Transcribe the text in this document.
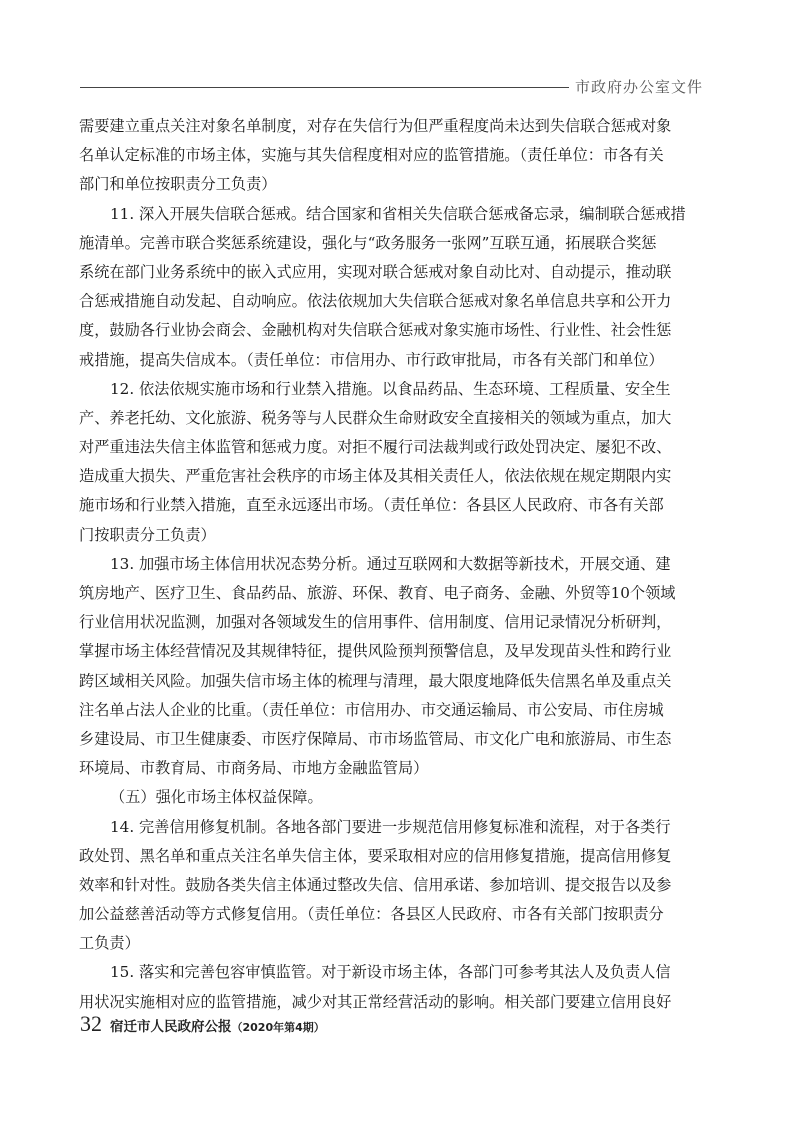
市政府办公室文件
需要建立重点关注对象名单制度，对存在失信行为但严重程度尚未达到失信联合惩戒对象
名单认定标准的市场主体，实施与其失信程度相对应的监管措施。（责任单位：市各有关
部门和单位按职责分工负责）
11. 深入开展失信联合惩戒。结合国家和省相关失信联合惩戒备忘录，编制联合惩戒措
施清单。完善市联合奖惩系统建设，强化与“政务服务一张网”互联互通，拓展联合奖惩
系统在部门业务系统中的嵌入式应用，实现对联合惩戒对象自动比对、自动提示，推动联
合惩戒措施自动发起、自动响应。依法依规加大失信联合惩戒对象名单信息共享和公开力
度，鼓励各行业协会商会、金融机构对失信联合惩戒对象实施市场性、行业性、社会性惩
戒措施，提高失信成本。（责任单位：市信用办、市行政审批局，市各有关部门和单位）
12. 依法依规实施市场和行业禁入措施。以食品药品、生态环境、工程质量、安全生
产、养老托幼、文化旅游、税务等与人民群众生命财政安全直接相关的领域为重点，加大
对严重违法失信主体监管和惩戒力度。对拒不履行司法裁判或行政处罚决定、屡犯不改、
造成重大损失、严重危害社会秩序的市场主体及其相关责任人，依法依规在规定期限内实
施市场和行业禁入措施，直至永远逐出市场。（责任单位：各县区人民政府、市各有关部
门按职责分工负责）
13. 加强市场主体信用状况态势分析。通过互联网和大数据等新技术，开展交通、建
筑房地产、医疗卫生、食品药品、旅游、环保、教育、电子商务、金融、外贸等10个领域
行业信用状况监测，加强对各领域发生的信用事件、信用制度、信用记录情况分析研判，
掌握市场主体经营情况及其规律特征，提供风险预判预警信息，及早发现苗头性和跨行业
跨区域相关风险。加强失信市场主体的梳理与清理，最大限度地降低失信黑名单及重点关
注名单占法人企业的比重。（责任单位：市信用办、市交通运输局、市公安局、市住房城
乡建设局、市卫生健康委、市医疗保障局、市市场监管局、市文化广电和旅游局、市生态
环境局、市教育局、市商务局、市地方金融监管局）
（五）强化市场主体权益保障。
14. 完善信用修复机制。各地各部门要进一步规范信用修复标准和流程，对于各类行
政处罚、黑名单和重点关注名单失信主体，要采取相对应的信用修复措施，提高信用修复
效率和针对性。鼓励各类失信主体通过整改失信、信用承诺、参加培训、提交报告以及参
加公益慈善活动等方式修复信用。（责任单位：各县区人民政府、市各有关部门按职责分
工负责）
15. 落实和完善包容审慎监管。对于新设市场主体，各部门可参考其法人及负责人信
用状况实施相对应的监管措施，减少对其正常经营活动的影响。相关部门要建立信用良好
32 宿迁市人民政府公报 （2020年第4期）
